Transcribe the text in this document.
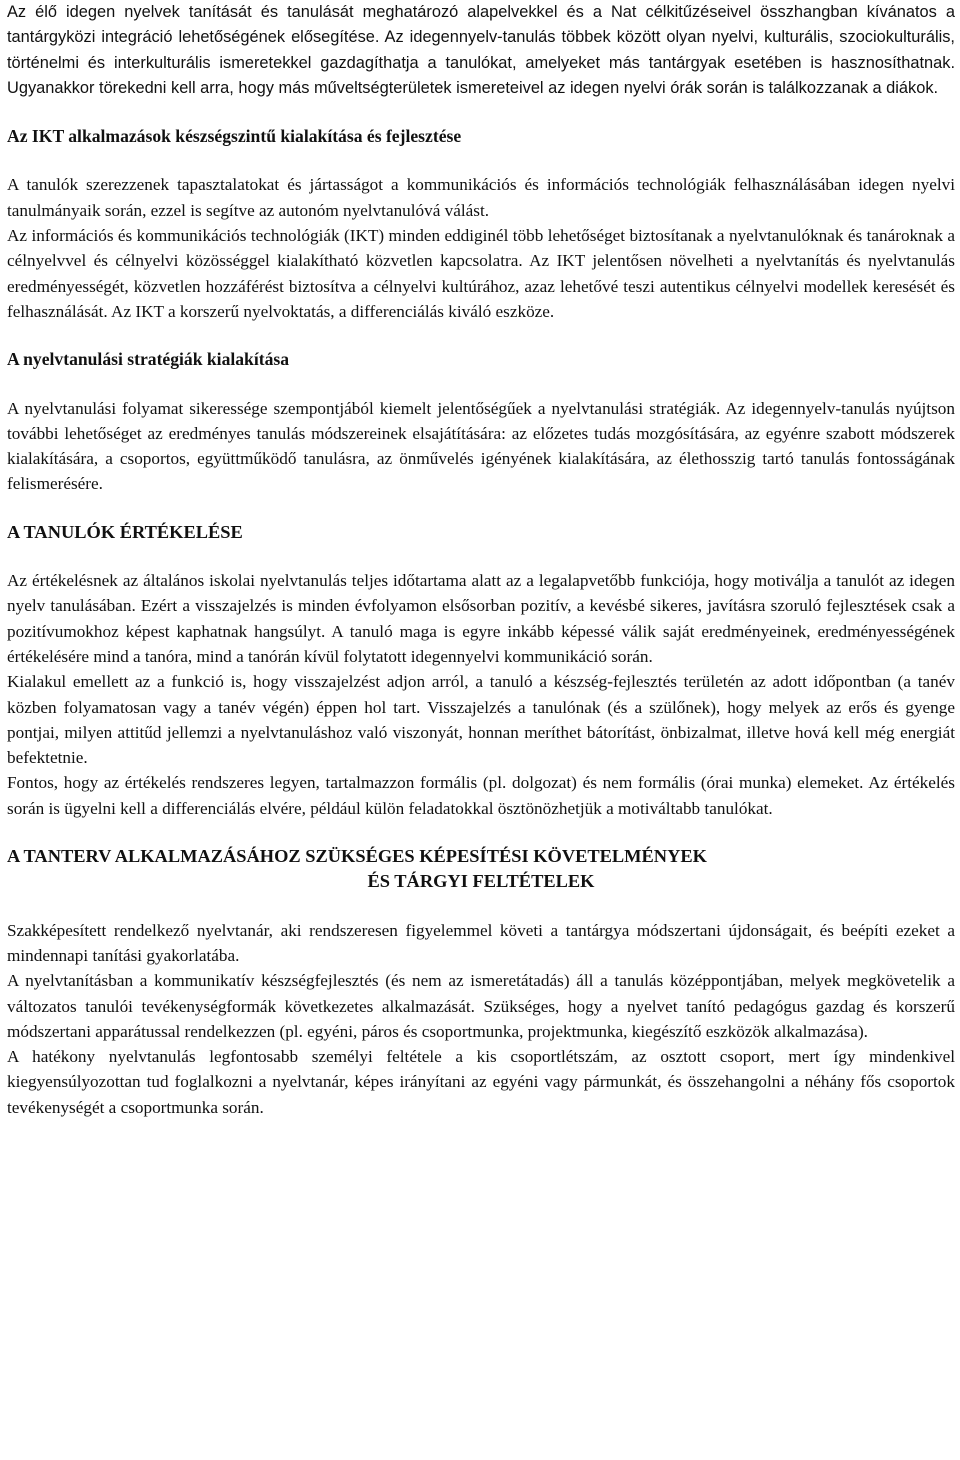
Az élő idegen nyelvek tanítását és tanulását meghatározó alapelvekkel és a Nat célkitűzéseivel összhangban kívánatos a tantárgyközi integráció lehetőségének elősegítése. Az idegennyelv-tanulás többek között olyan nyelvi, kulturális, szociokulturális, történelmi és interkulturális ismeretekkel gazdagíthatja a tanulókat, amelyeket más tantárgyak esetében is hasznosíthatnak. Ugyanakkor törekedni kell arra, hogy más műveltségterületek ismereteivel az idegen nyelvi órák során is találkozzanak a diákok.

Az IKT alkalmazások készségszintű kialakítása és fejlesztése

A tanulók szerezzenek tapasztalatokat és jártasságot a kommunikációs és információs technológiák felhasználásában idegen nyelvi tanulmányaik során, ezzel is segítve az autonóm nyelvtanulóvá válást.

Az információs és kommunikációs technológiák (IKT) minden eddiginél több lehetőséget biztosítanak a nyelvtanulóknak és tanároknak a célnyelvvel és célnyelvi közösséggel kialakítható közvetlen kapcsolatra. Az IKT jelentősen növelheti a nyelvtanítás és nyelvtanulás eredményességét, közvetlen hozzáférést biztosítva a célnyelvi kultúrához, azaz lehetővé teszi autentikus célnyelvi modellek keresését és felhasználását. Az IKT a korszerű nyelvoktatás, a differenciálás kiváló eszköze.

A nyelvtanulási stratégiák kialakítása

A nyelvtanulási folyamat sikeressége szempontjából kiemelt jelentőségűek a nyelvtanulási stratégiák. Az idegennyelv-tanulás nyújtson további lehetőséget az eredményes tanulás módszereinek elsajátítására: az előzetes tudás mozgósítására, az egyénre szabott módszerek kialakítására, a csoportos, együttműködő tanulásra, az önművelés igényének kialakítására, az élethosszig tartó tanulás fontosságának felismerésére.

A TANULÓK ÉRTÉKELÉSE

Az értékelésnek az általános iskolai nyelvtanulás teljes időtartama alatt az a legalapvetőbb funkciója, hogy motiválja a tanulót az idegen nyelv tanulásában. Ezért a visszajelzés is minden évfolyamon elsősorban pozitív, a kevésbé sikeres, javításra szoruló fejlesztések csak a pozitívumokhoz képest kaphatnak hangsúlyt. A tanuló maga is egyre inkább képessé válik saját eredményeinek, eredményességének értékelésére mind a tanóra, mind a tanórán kívül folytatott idegennyelvi kommunikáció során.

Kialakul emellett az a funkció is, hogy visszajelzést adjon arról, a tanuló a készség-fejlesztés területén az adott időpontban (a tanév közben folyamatosan vagy a tanév végén) éppen hol tart. Visszajelzés a tanulónak (és a szülőnek), hogy melyek az erős és gyenge pontjai, milyen attitűd jellemzi a nyelvtanuláshoz való viszonyát, honnan meríthet bátorítást, önbizalmat, illetve hová kell még energiát befektetnie.

Fontos, hogy az értékelés rendszeres legyen, tartalmazzon formális (pl. dolgozat) és nem formális (órai munka) elemeket. Az értékelés során is ügyelni kell a differenciálás elvére, például külön feladatokkal ösztönözhetjük a motiváltabb tanulókat.

A TANTERV ALKALMAZÁSÁHOZ SZÜKSÉGES KÉPESÍTÉSI KÖVETELMÉNYEK
ÉS TÁRGYI FELTÉTELEK

Szakképesített rendelkező nyelvtanár, aki rendszeresen figyelemmel követi a tantárgya módszertani újdonságait, és beépíti ezeket a mindennapi tanítási gyakorlatába.

A nyelvtanításban a kommunikatív készségfejlesztés (és nem az ismeretátadás) áll a tanulás középpontjában, melyek megkövetelik a változatos tanulói tevékenységformák következetes alkalmazását. Szükséges, hogy a nyelvet tanító pedagógus gazdag és korszerű módszertani apparátussal rendelkezzen (pl. egyéni, páros és csoportmunka, projektmunka, kiegészítő eszközök alkalmazása).

A hatékony nyelvtanulás legfontosabb személyi feltétele a kis csoportlétszám, az osztott csoport, mert így mindenkivel kiegyensúlyozottan tud foglalkozni a nyelvtanár, képes irányítani az egyéni vagy pármunkát, és összehangolni a néhány fős csoportok tevékenységét a csoportmunka során.
